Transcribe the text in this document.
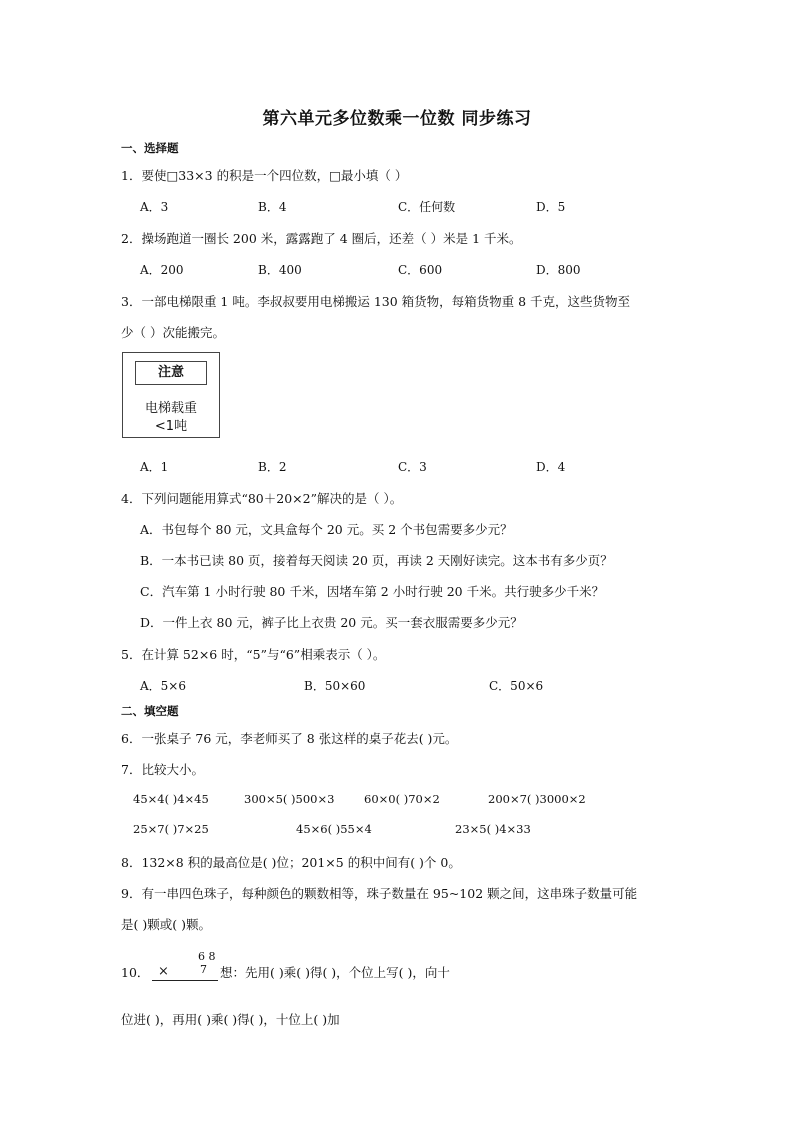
第六单元多位数乘一位数 同步练习
一、选择题
1．要使□33×3 的积是一个四位数，□最小填（ ）
A．3	B．4	C．任何数	D．5
2．操场跑道一圈长 200 米，露露跑了 4 圈后，还差（ ）米是 1 千米。
A．200	B．400	C．600	D．800
3．一部电梯限重 1 吨。李叔叔要用电梯搬运 130 箱货物，每箱货物重 8 千克，这些货物至
少（ ）次能搬完。
注意
电梯载重
<1吨
A．1	B．2	C．3	D．4
4．下列问题能用算式“80＋20×2”解决的是（ ）。
A．书包每个 80 元，文具盒每个 20 元。买 2 个书包需要多少元？
B．一本书已读 80 页，接着每天阅读 20 页，再读 2 天刚好读完。这本书有多少页？
C．汽车第 1 小时行驶 80 千米，因堵车第 2 小时行驶 20 千米。共行驶多少千米？
D．一件上衣 80 元，裤子比上衣贵 20 元。买一套衣服需要多少元？
5．在计算 52×6 时，“5”与“6”相乘表示（ ）。
A．5×6	B．50×60	C．50×6
二、填空题
6．一张桌子 76 元，李老师买了 8 张这样的桌子花去( )元。
7．比较大小。
45×4( )4×45	300×5( )500×3	60×0( )70×2	200×7( )3000×2
25×7( )7×25	45×6( )55×4	23×5( )4×33
8．132×8 积的最高位是( )位；201×5 的积中间有( )个 0。
9．有一串四色珠子，每种颜色的颗数相等，珠子数量在 95~102 颗之间，这串珠子数量可能
是( )颗或( )颗。
10．
6 8
×	7 想：先用( )乘( )得( )，个位上写( )，向十
位进( )，再用( )乘( )得( )，十位上( )加
